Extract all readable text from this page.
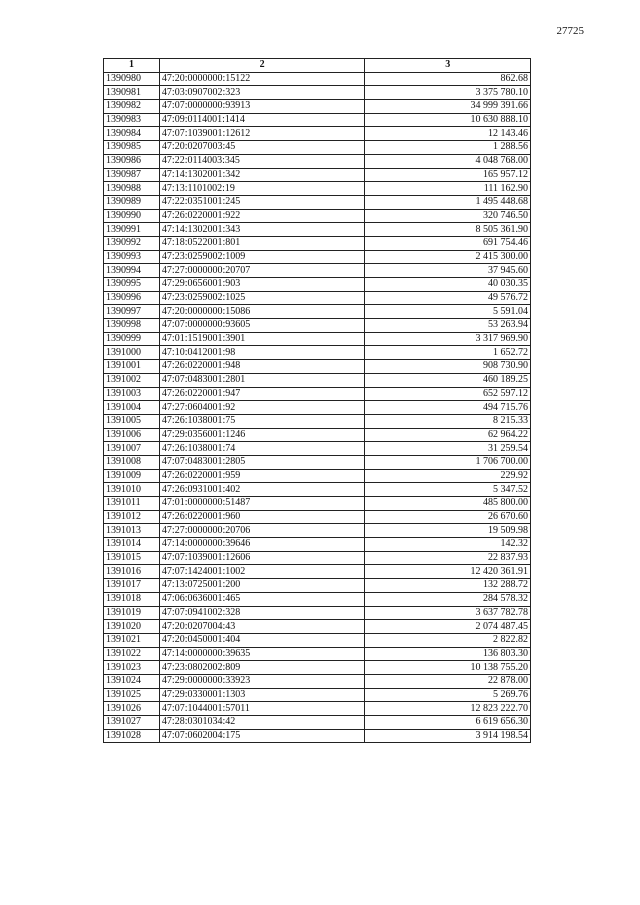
27725
1	2	3
1390980	47:20:0000000:15122	862.68
1390981	47:03:0907002:323	3 375 780.10
1390982	47:07:0000000:93913	34 999 391.66
1390983	47:09:0114001:1414	10 630 888.10
1390984	47:07:1039001:12612	12 143.46
1390985	47:20:0207003:45	1 288.56
1390986	47:22:0114003:345	4 048 768.00
1390987	47:14:1302001:342	165 957.12
1390988	47:13:1101002:19	111 162.90
1390989	47:22:0351001:245	1 495 448.68
1390990	47:26:0220001:922	320 746.50
1390991	47:14:1302001:343	8 505 361.90
1390992	47:18:0522001:801	691 754.46
1390993	47:23:0259002:1009	2 415 300.00
1390994	47:27:0000000:20707	37 945.60
1390995	47:29:0656001:903	40 030.35
1390996	47:23:0259002:1025	49 576.72
1390997	47:20:0000000:15086	5 591.04
1390998	47:07:0000000:93605	53 263.94
1390999	47:01:1519001:3901	3 317 969.90
1391000	47:10:0412001:98	1 652.72
1391001	47:26:0220001:948	908 730.90
1391002	47:07:0483001:2801	460 189.25
1391003	47:26:0220001:947	652 597.12
1391004	47:27:0604001:92	494 715.76
1391005	47:26:1038001:75	8 215.33
1391006	47:29:0356001:1246	62 964.22
1391007	47:26:1038001:74	31 259.54
1391008	47:07:0483001:2805	1 706 700.00
1391009	47:26:0220001:959	229.92
1391010	47:26:0931001:402	5 347.52
1391011	47:01:0000000:51487	485 800.00
1391012	47:26:0220001:960	26 670.60
1391013	47:27:0000000:20706	19 509.98
1391014	47:14:0000000:39646	142.32
1391015	47:07:1039001:12606	22 837.93
1391016	47:07:1424001:1002	12 420 361.91
1391017	47:13:0725001:200	132 288.72
1391018	47:06:0636001:465	284 578.32
1391019	47:07:0941002:328	3 637 782.78
1391020	47:20:0207004:43	2 074 487.45
1391021	47:20:0450001:404	2 822.82
1391022	47:14:0000000:39635	136 803.30
1391023	47:23:0802002:809	10 138 755.20
1391024	47:29:0000000:33923	22 878.00
1391025	47:29:0330001:1303	5 269.76
1391026	47:07:1044001:57011	12 823 222.70
1391027	47:28:0301034:42	6 619 656.30
1391028	47:07:0602004:175	3 914 198.54
